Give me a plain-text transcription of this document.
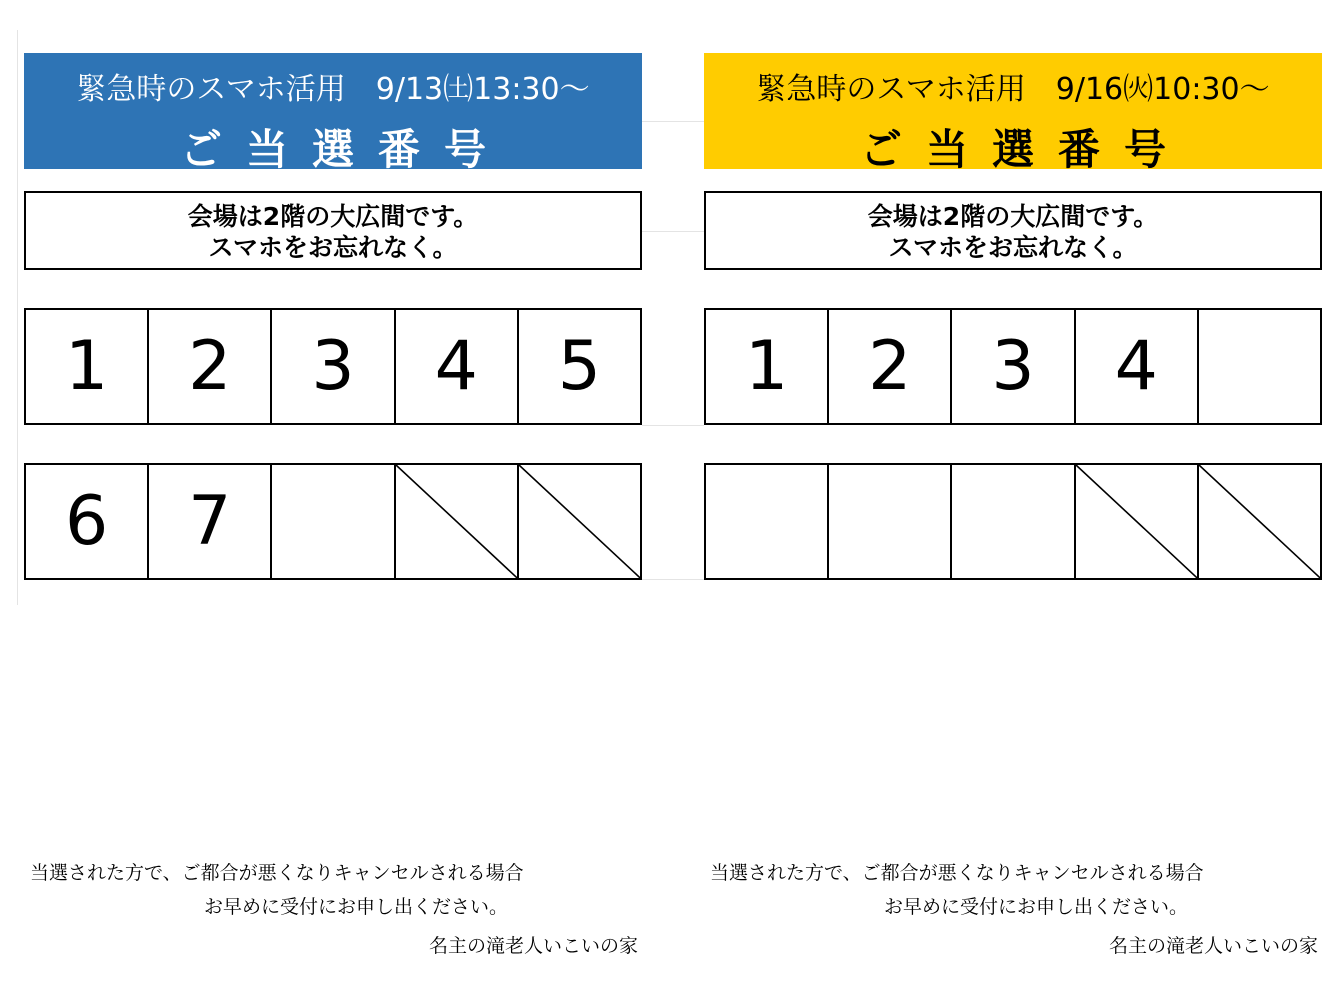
緊急時のスマホ活用　9/13㈯13:30～
ご当選番号
会場は2階の大広間です。
スマホをお忘れなく。
1	2	3	4	5
6	7
当選された方で、ご都合が悪くなりキャンセルされる場合
お早めに受付にお申し出ください。
名主の滝老人いこいの家
緊急時のスマホ活用　9/16㈫10:30～
ご当選番号
会場は2階の大広間です。
スマホをお忘れなく。
1	2	3	4
当選された方で、ご都合が悪くなりキャンセルされる場合
お早めに受付にお申し出ください。
名主の滝老人いこいの家
